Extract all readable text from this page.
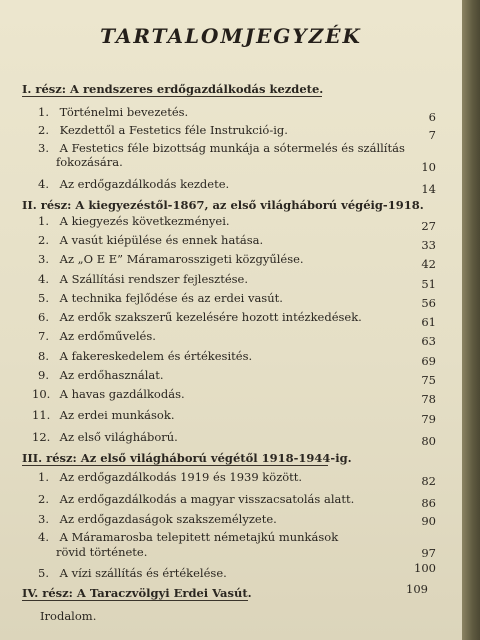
TARTALOMJEGYZÉK
I. rész: A rendszeres erdőgazdálkodás kezdete.
1. Történelmi bevezetés.	6
2. Kezdettől a Festetics féle Instrukció-ig.	7
3. A Festetics féle bizottság munkája a sótermelés és szállítás
fokozására.	10
4. Az erdőgazdálkodás kezdete.	14
II. rész: A kiegyezéstől-1867, az első világháború végéig-1918.
1. A kiegyezés következményei.	27
2. A vasút kiépülése és ennek hatása.	33
3. Az „O E E” Máramarosszigeti közgyűlése.	42
4. A Szállítási rendszer fejlesztése.	51
5. A technika fejlődése és az erdei vasút.	56
6. Az erdők szakszerű kezelésére hozott intézkedések.	61
7. Az erdőművelés.	63
8. A fakereskedelem és értékesités.	69
9. Az erdőhasználat.	75
10. A havas gazdálkodás.	78
11. Az erdei munkások.	79
12. Az első világháború.	80
III. rész: Az első világháború végétől 1918-1944-ig.
1. Az erdőgazdálkodás 1919 és 1939 között.	82
2. Az erdőgazdálkodás a magyar visszacsatolás alatt.	86
3. Az erdőgazdaságok szakszemélyzete.	90
4. A Máramarosba telepitett németajkú munkások
rövid története.	97
5. A vízi szállítás és értékelése.	100
IV. rész: A Taraczvölgyi Erdei Vasút.	109
Irodalom.
